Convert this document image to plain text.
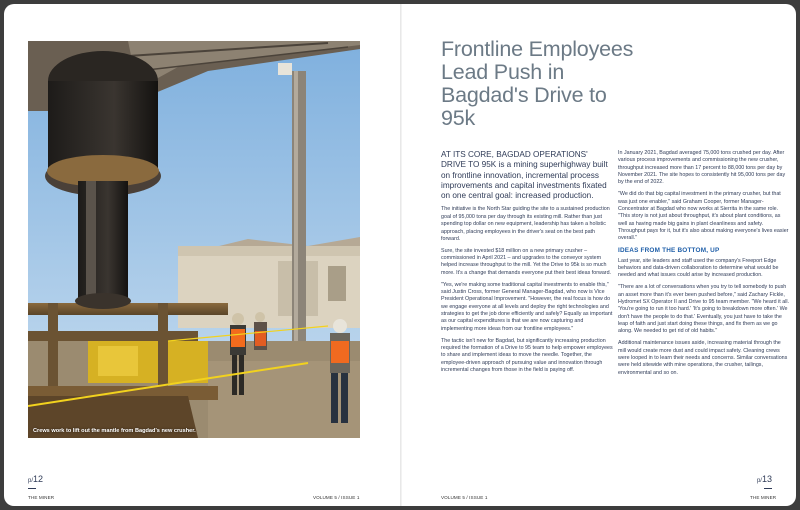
Crews work to lift out the mantle from Bagdad's new crusher.
p/12
THE MINER	VOLUME 5 / ISSUE 1
p/13
VOLUME 5 / ISSUE 1	THE MINER
Frontline Employees Lead Push in Bagdad's Drive to 95k

AT ITS CORE, BAGDAD OPERATIONS' DRIVE TO 95K is a mining superhighway built on frontline innovation, incremental process improvements and capital investments fixated on one central goal: increased production.

The initiative is the North Star guiding the site to a sustained production goal of 95,000 tons per day through its existing mill. Rather than just spending top dollar on new equipment, leadership has taken a holistic approach, placing employees in the driver's seat on the best path forward.

Sure, the site invested $18 million on a new primary crusher – commissioned in April 2021 – and upgrades to the conveyor system helped increase throughput to the mill. Yet the Drive to 95k is so much more. It's a change that demands everyone put their best ideas forward.

"Yes, we're making some traditional capital investments to enable this," said Justin Cross, former General Manager-Bagdad, who now is Vice President Operational Improvement. "However, the real focus is how do we engage everyone at all levels and deploy the right technologies and strategies to get the job done efficiently and safely? Equally as important as our capital expenditures is that we are now capturing and implementing more ideas from our frontline employees."

The tactic isn't new for Bagdad, but significantly increasing production required the formation of a Drive to 95 team to help empower employees to share and implement ideas to move the needle. Together, the employee-driven approach of pursuing value and innovation through incremental changes from those in the field is paying off.

In January 2021, Bagdad averaged 75,000 tons crushed per day. After various process improvements and commissioning the new crusher, throughput increased more than 17 percent to 88,000 tons per day by November 2021. The site hopes to consistently hit 95,000 tons per day by the end of 2022.

"We did do that big capital investment in the primary crusher, but that was just one enabler," said Graham Cooper, former Manager-Concentrator at Bagdad who now works at Sierrita in the same role. "This story is not just about throughput, it's about plant conditions, as well as having made big gains in plant cleanliness and safety. Throughput pays for it, but it's also about making everyone's lives easier overall."

IDEAS FROM THE BOTTOM, UP

Last year, site leaders and staff used the company's Freeport Edge behaviors and data-driven collaboration to determine what would be needed and what issues could arise by increased production.

"There are a lot of conversations when you try to tell somebody to push an asset more than it's ever been pushed before," said Zachary Fickle, Hydromet SX Operator II and Drive to 95 team member. "We heard it all. 'You're going to run it too hard.' 'It's going to breakdown more often.' We don't have the people to do that.' Eventually, you just have to take the leap of faith and just start doing these things, and fix them as we go along. We needed to get rid of old habits."

Additional maintenance issues aside, increasing material through the mill would create more dust and could impact safety. Cleaning crews were looped in to learn their needs and concerns. Similar conversations were held sitewide with mine operations, the crusher, tailings, environmental and so on.
